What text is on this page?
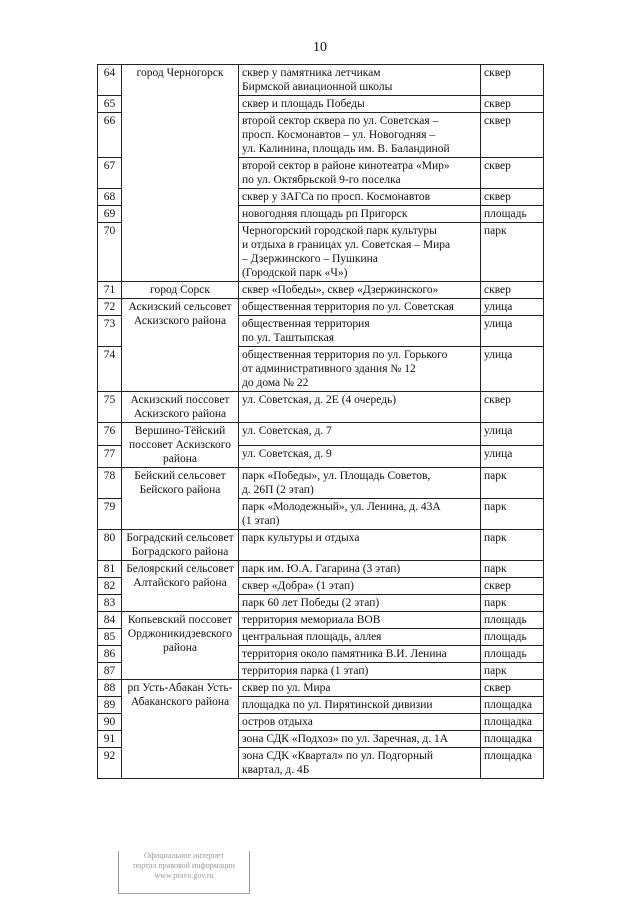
10
64	город Черногорск	сквер у памятника летчикам
Бирмской авиационной школы	сквер
65		сквер и площадь Победы	сквер
66		второй сектор сквера по ул. Советская –
просп. Космонавтов – ул. Новогодняя –
ул. Калинина, площадь им. В. Баландиной	сквер
67		второй сектор в районе кинотеатра «Мир»
по ул. Октябрьской 9-го поселка	сквер
68		сквер у ЗАГСа по просп. Космонавтов	сквер
69		новогодняя площадь рп Пригорск	площадь
70		Черногорский городской парк культуры
и отдыха в границах ул. Советская – Мира
– Дзержинского – Пушкина
(Городской парк «Ч»)	парк
71	город Сорск	сквер «Победы», сквер «Дзержинского»	сквер
72	Аскизский сельсовет Аскизского района	общественная территория по ул. Советская	улица
73		общественная территория
по ул. Таштыпская	улица
74		общественная территория по ул. Горького
от административного здания № 12
до дома № 22	улица
75	Аскизский поссовет Аскизского района	ул. Советская, д. 2Е (4 очередь)	сквер
76	Вершино-Тёйский поссовет Аскизского района	ул. Советская, д. 7	улица
77		ул. Советская, д. 9	улица
78	Бейский сельсовет Бейского района	парк «Победы», ул. Площадь Советов,
д. 26П (2 этап)	парк
79		парк «Молодежный», ул. Ленина, д. 43А
(1 этап)	парк
80	Боградский сельсовет Боградского района	парк культуры и отдыха	парк
81	Белоярский сельсовет Алтайского района	парк им. Ю.А. Гагарина (3 этап)	парк
82		сквер «Добра» (1 этап)	сквер
83		парк 60 лет Победы (2 этап)	парк
84	Копьевский поссовет Орджоникидзевского района	территория мемориала ВОВ	площадь
85		центральная площадь, аллея	площадь
86		территория около памятника В.И. Ленина	площадь
87		территория парка (1 этап)	парк
88	рп Усть-Абакан Усть-Абаканского района	сквер по ул. Мира	сквер
89		площадка по ул. Пирятинской дивизии	площадка
90		остров отдыха	площадка
91		зона СДК «Подхоз» по ул. Заречная, д. 1А	площадка
92		зона СДК «Квартал» по ул. Подгорный
квартал, д. 4Б	площадка
Официальное интернет
портал правовой информации
www.pravo.gov.ru
